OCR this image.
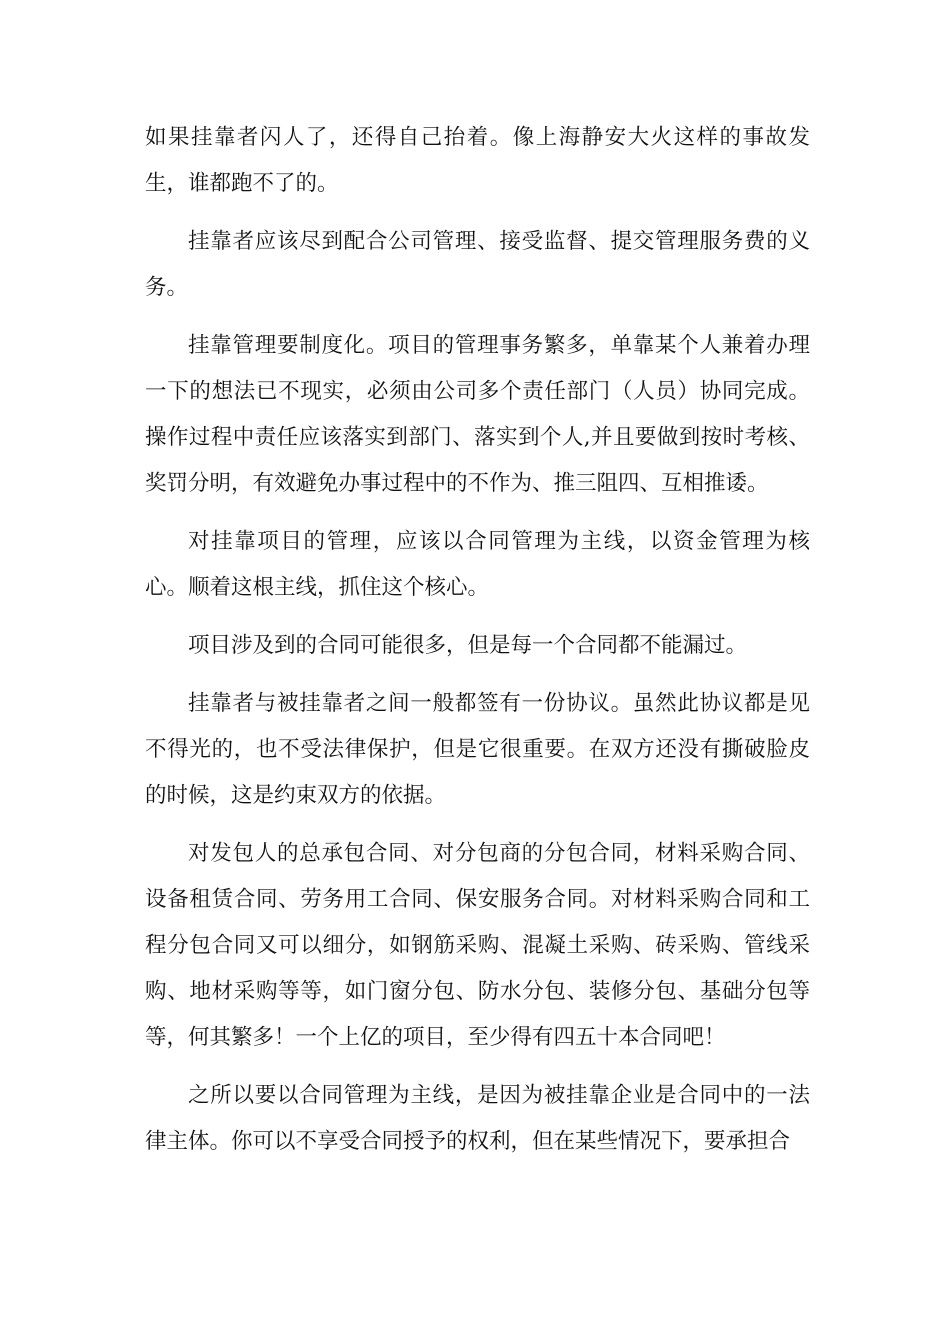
如果挂靠者闪人了，还得自己抬着。像上海静安大火这样的事故发生，谁都跑不了的。

挂靠者应该尽到配合公司管理、接受监督、提交管理服务费的义务。

挂靠管理要制度化。项目的管理事务繁多，单靠某个人兼着办理一下的想法已不现实，必须由公司多个责任部门（人员）协同完成。操作过程中责任应该落实到部门、落实到个人,并且要做到按时考核、奖罚分明，有效避免办事过程中的不作为、推三阻四、互相推诿。

对挂靠项目的管理，应该以合同管理为主线，以资金管理为核心。顺着这根主线，抓住这个核心。

项目涉及到的合同可能很多，但是每一个合同都不能漏过。

挂靠者与被挂靠者之间一般都签有一份协议。虽然此协议都是见不得光的，也不受法律保护，但是它很重要。在双方还没有撕破脸皮的时候，这是约束双方的依据。

对发包人的总承包合同、对分包商的分包合同，材料采购合同、设备租赁合同、劳务用工合同、保安服务合同。对材料采购合同和工程分包合同又可以细分，如钢筋采购、混凝土采购、砖采购、管线采购、地材采购等等，如门窗分包、防水分包、装修分包、基础分包等等，何其繁多！一个上亿的项目，至少得有四五十本合同吧！

之所以要以合同管理为主线，是因为被挂靠企业是合同中的一法律主体。你可以不享受合同授予的权利，但在某些情况下，要承担合
